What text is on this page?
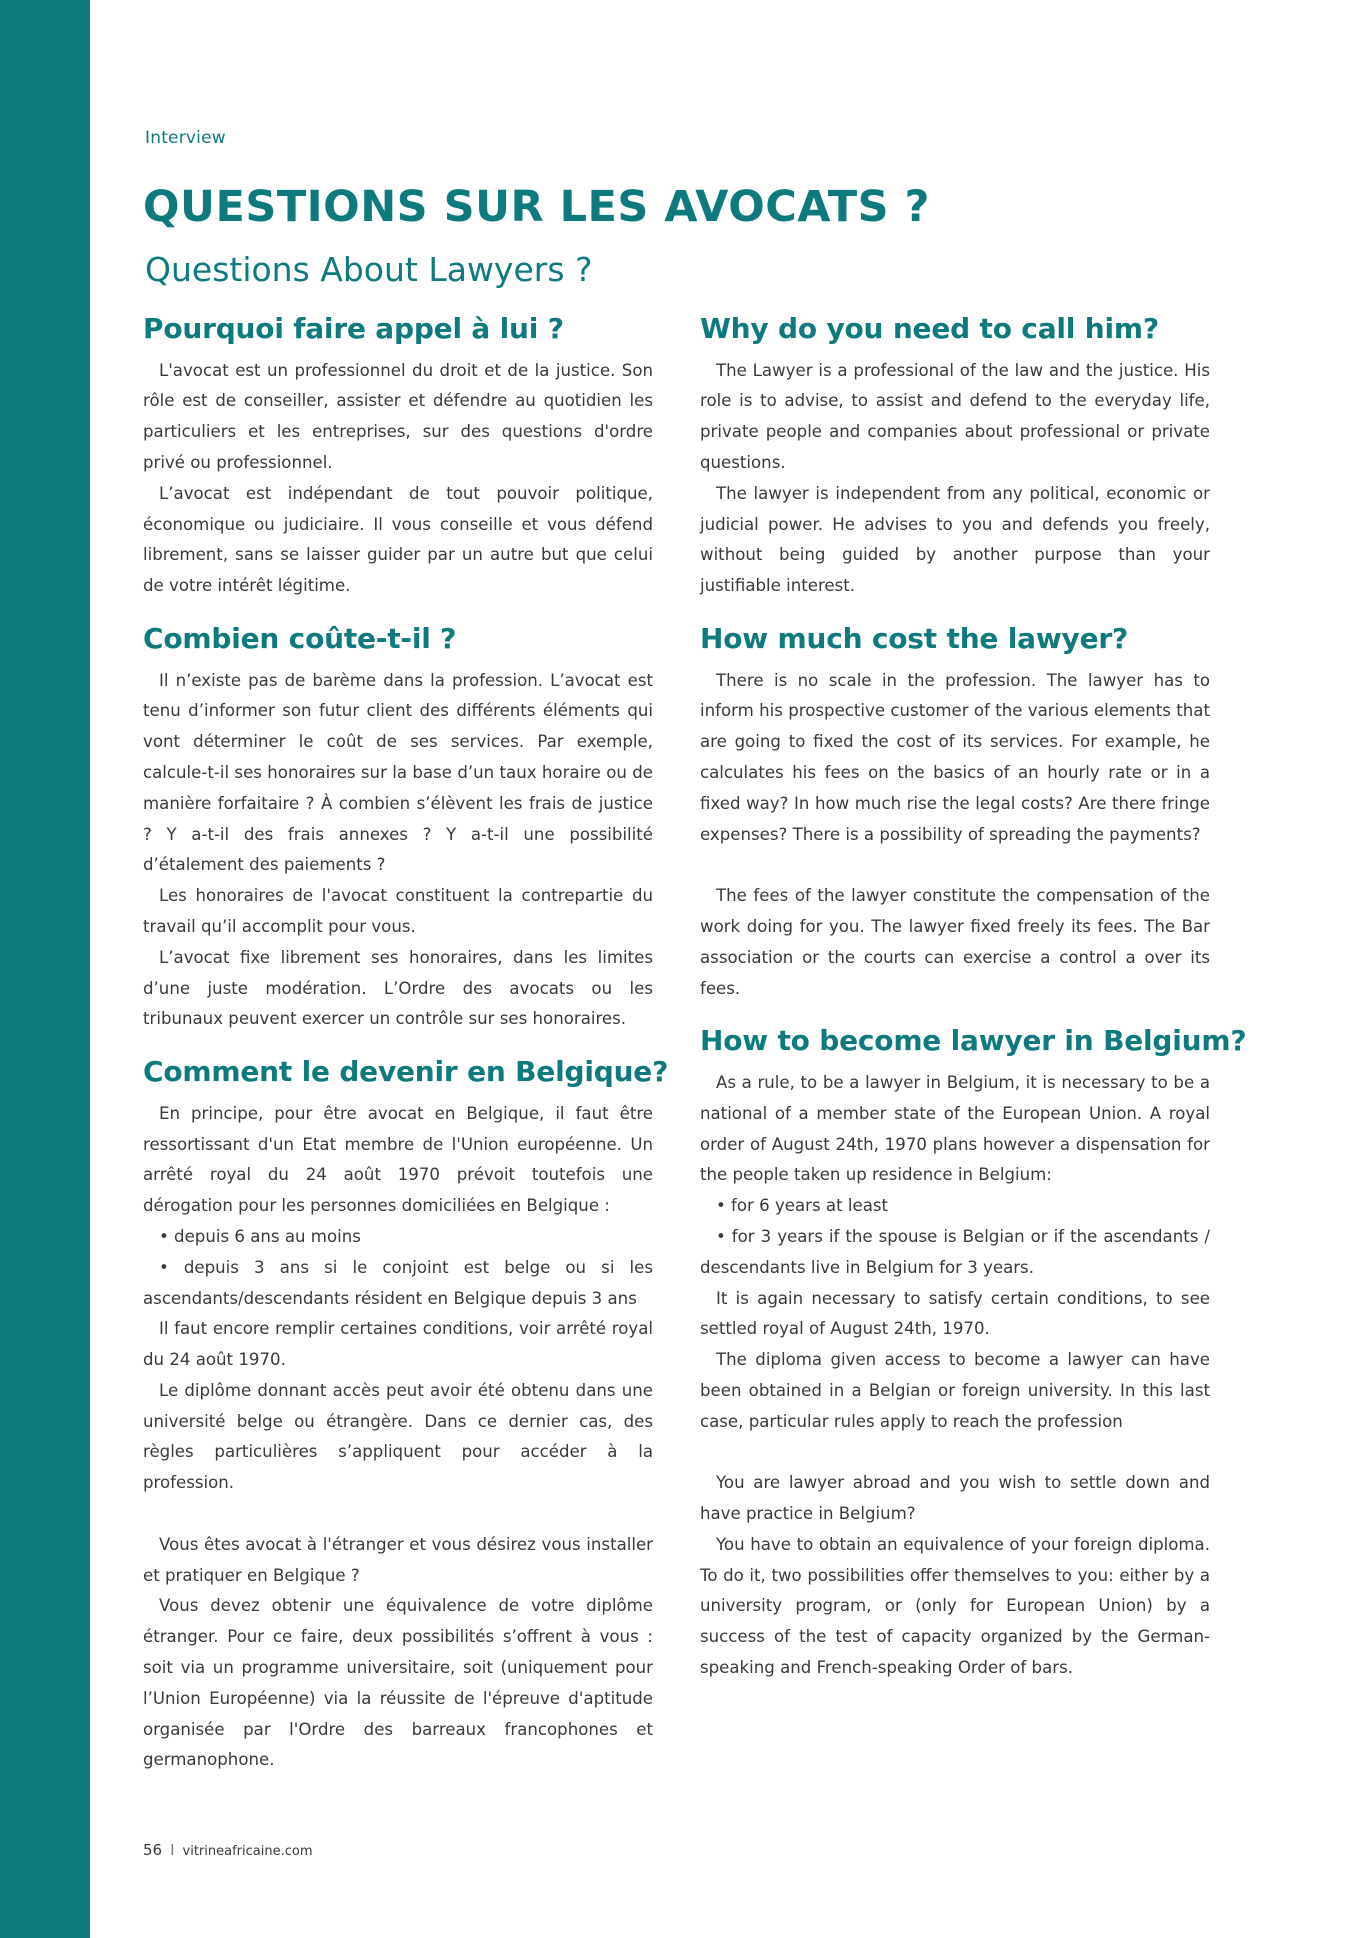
Interview
QUESTIONS SUR LES AVOCATS ?
Questions About Lawyers ?
Pourquoi faire appel à lui ?

L'avocat est un professionnel du droit et de la justice. Son rôle est de conseiller, assister et défendre au quotidien les particuliers et les entreprises, sur des questions d'ordre privé ou professionnel.

L’avocat est indépendant de tout pouvoir politique, économique ou judiciaire. Il vous conseille et vous défend librement, sans se laisser guider par un autre but que celui de votre intérêt légitime.

Combien coûte-t-il ?

Il n’existe pas de barème dans la profession. L’avocat est tenu d’informer son futur client des différents éléments qui vont déterminer le coût de ses services. Par exemple, calcule-t-il ses honoraires sur la base d’un taux horaire ou de manière forfaitaire ? À combien s’élèvent les frais de justice ? Y a-t-il des frais annexes ? Y a-t-il une possibilité d’étalement des paiements ?

Les honoraires de l'avocat constituent la contrepartie du travail qu’il accomplit pour vous.

L’avocat fixe librement ses honoraires, dans les limites d’une juste modération. L’Ordre des avocats ou les tribunaux peuvent exercer un contrôle sur ses honoraires.

Comment le devenir en Belgique?

En principe, pour être avocat en Belgique, il faut être ressortissant d'un Etat membre de l'Union européenne. Un arrêté royal du 24 août 1970 prévoit toutefois une dérogation pour les personnes domiciliées en Belgique :

• depuis 6 ans au moins

• depuis 3 ans si le conjoint est belge ou si les ascendants/descendants résident en Belgique depuis 3 ans

Il faut encore remplir certaines conditions, voir arrêté royal du 24 août 1970.

Le diplôme donnant accès peut avoir été obtenu dans une université belge ou étrangère. Dans ce dernier cas, des règles particulières s’appliquent pour accéder à la profession.

Vous êtes avocat à l'étranger et vous désirez vous installer et pratiquer en Belgique ?

Vous devez obtenir une équivalence de votre diplôme étranger. Pour ce faire, deux possibilités s’offrent à vous : soit via un programme universitaire, soit (uniquement pour l’Union Européenne) via la réussite de l'épreuve d'aptitude organisée par l'Ordre des barreaux francophones et germanophone.

Why do you need to call him?

The Lawyer is a professional of the law and the justice. His role is to advise, to assist and defend to the everyday life, private people and companies about professional or private questions.

The lawyer is independent from any political, economic or judicial power. He advises to you and defends you freely, without being guided by another purpose than your justifiable interest.

How much cost the lawyer?

There is no scale in the profession. The lawyer has to inform his prospective customer of the various elements that are going to fixed the cost of its services. For example, he calculates his fees on the basics of an hourly rate or in a fixed way? In how much rise the legal costs? Are there fringe expenses? There is a possibility of spreading the payments?

The fees of the lawyer constitute the compensation of the work doing for you. The lawyer fixed freely its fees. The Bar association or the courts can exercise a control a over its fees.

How to become lawyer in Belgium?

As a rule, to be a lawyer in Belgium, it is necessary to be a national of a member state of the European Union. A royal order of August 24th, 1970 plans however a dispensation for the people taken up residence in Belgium:

• for 6 years at least

• for 3 years if the spouse is Belgian or if the ascendants / descendants live in Belgium for 3 years.

It is again necessary to satisfy certain conditions, to see settled royal of August 24th, 1970.

The diploma given access to become a lawyer can have been obtained in a Belgian or foreign university. In this last case, particular rules apply to reach the profession

You are lawyer abroad and you wish to settle down and have practice in Belgium?

You have to obtain an equivalence of your foreign diploma. To do it, two possibilities offer themselves to you: either by a university program, or (only for European Union) by a success of the test of capacity organized by the German-speaking and French-speaking Order of bars.

56 I vitrineafricaine.com
